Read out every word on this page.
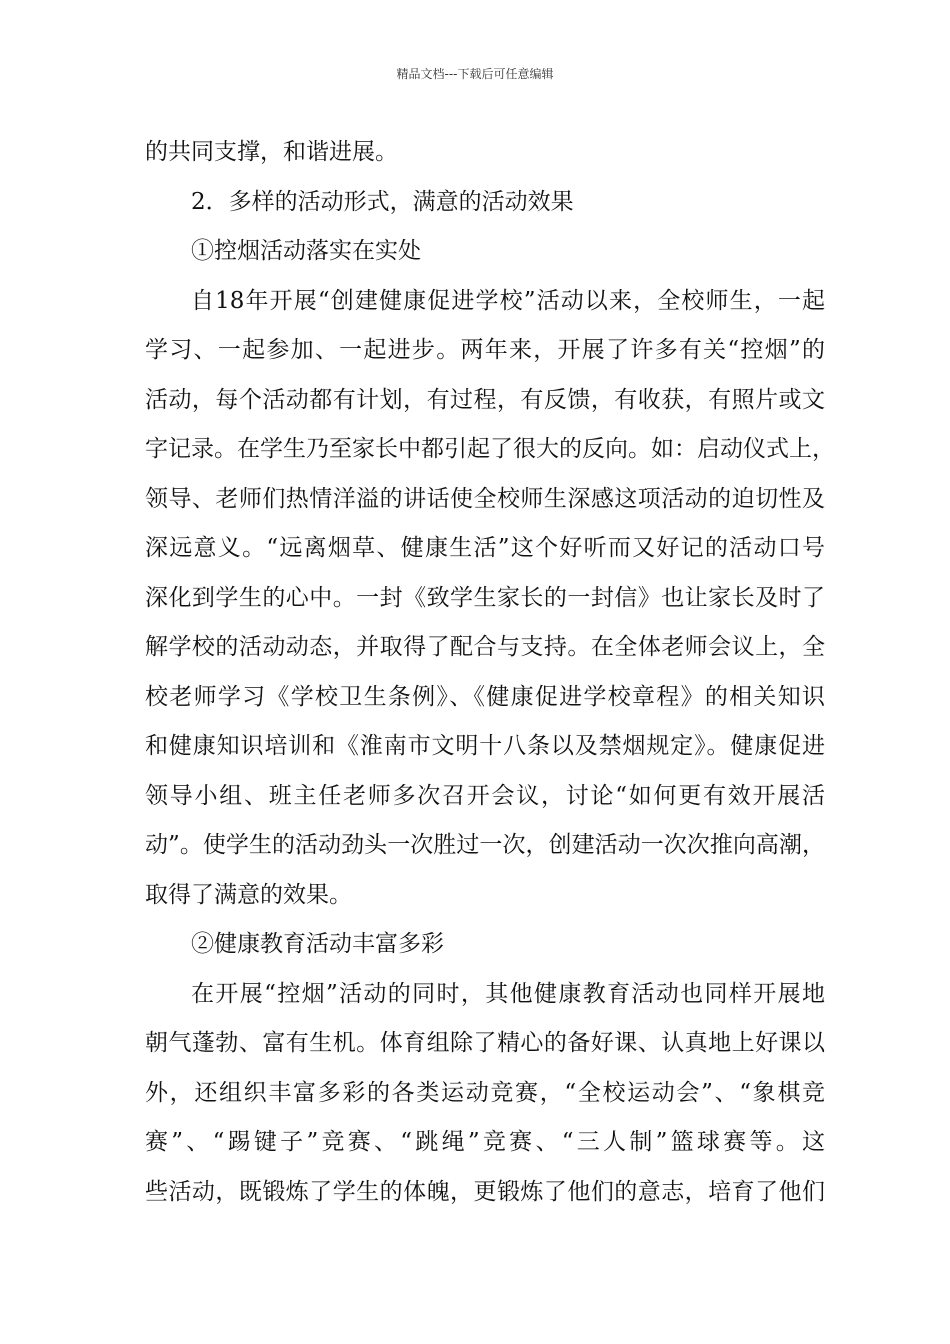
精品文档---下载后可任意编辑
的共同支撑，和谐进展。
2．多样的活动形式，满意的活动效果
①控烟活动落实在实处
自18年开展“创建健康促进学校”活动以来，全校师生，一起
学习、一起参加、一起进步。两年来，开展了许多有关“控烟”的
活动，每个活动都有计划，有过程，有反馈，有收获，有照片或文
字记录。在学生乃至家长中都引起了很大的反向。如：启动仪式上，
领导、老师们热情洋溢的讲话使全校师生深感这项活动的迫切性及
深远意义。“远离烟草、健康生活”这个好听而又好记的活动口号
深化到学生的心中。一封《致学生家长的一封信》也让家长及时了
解学校的活动动态，并取得了配合与支持。在全体老师会议上，全
校老师学习《学校卫生条例》、《健康促进学校章程》的相关知识
和健康知识培训和《淮南市文明十八条以及禁烟规定》。健康促进
领导小组、班主任老师多次召开会议，讨论“如何更有效开展活
动”。使学生的活动劲头一次胜过一次，创建活动一次次推向高潮，
取得了满意的效果。
②健康教育活动丰富多彩
在开展“控烟”活动的同时，其他健康教育活动也同样开展地
朝气蓬勃、富有生机。体育组除了精心的备好课、认真地上好课以
外，还组织丰富多彩的各类运动竞赛，“全校运动会”、“象棋竞
赛”、“踢键子”竞赛、“跳绳”竞赛、“三人制”篮球赛等。这
些活动，既锻炼了学生的体魄，更锻炼了他们的意志，培育了他们
